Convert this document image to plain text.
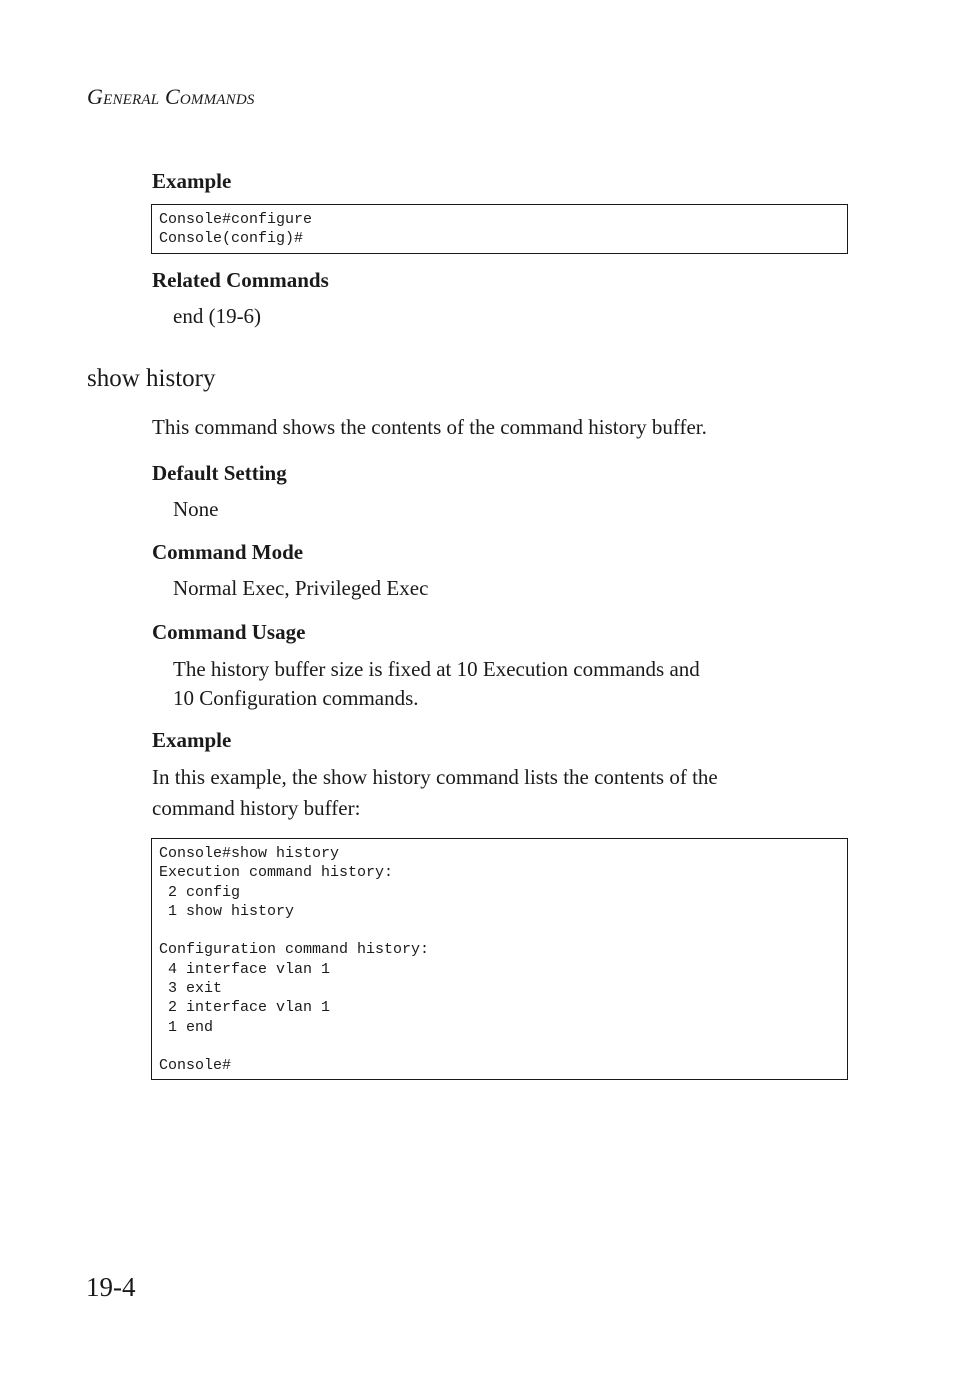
General Commands
Example
Console#configure
Console(config)#
Related Commands
end (19-6)
show history
This command shows the contents of the command history buffer.
Default Setting
None
Command Mode
Normal Exec, Privileged Exec
Command Usage
The history buffer size is fixed at 10 Execution commands and
10 Configuration commands.
Example
In this example, the show history command lists the contents of the
command history buffer:
Console#show history
Execution command history:
2 config
1 show history

Configuration command history:
4 interface vlan 1
3 exit
2 interface vlan 1
1 end

Console#
19-4
